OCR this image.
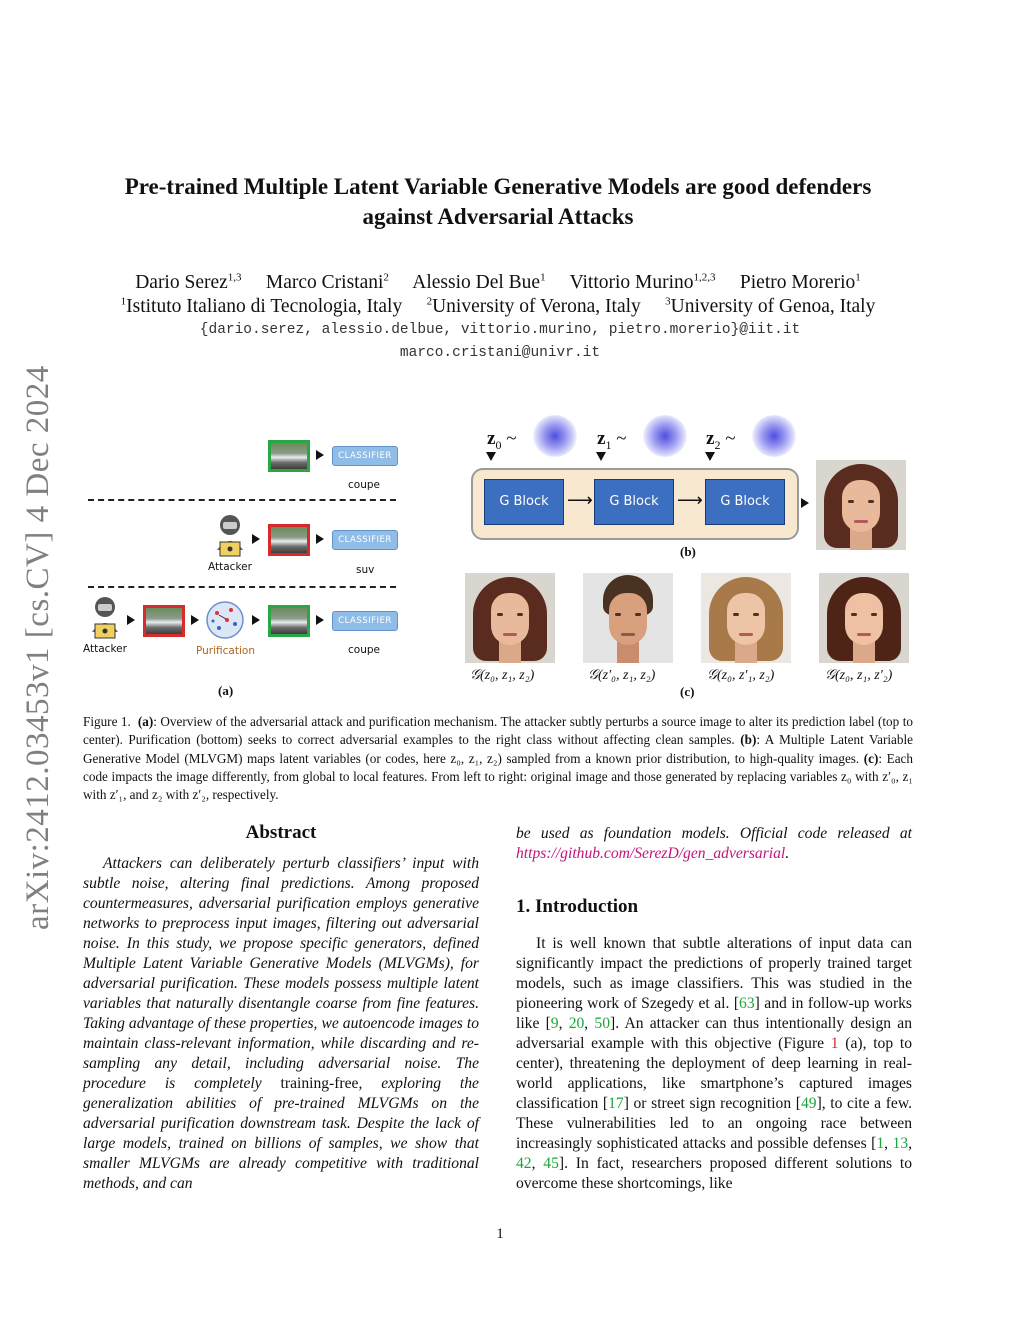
arXiv:2412.03453v1 [cs.CV] 4 Dec 2024
Pre-trained Multiple Latent Variable Generative Models are good defenders against Adversarial Attacks
Dario Serez$^{1,3}$ Marco Cristani$^2$ Alessio Del Bue$^1$ Vittorio Murino$^{1,2,3}$ Pietro Morerio$^1$
$^1$Istituto Italiano di Tecnologia, Italy $^2$University of Verona, Italy $^3$University of Genoa, Italy
{dario.serez, alessio.delbue, vittorio.murino, pietro.morerio}@iit.it
marco.cristani@univr.it
CLASSIFIER
coupe
CLASSIFIER
Attacker	suv
CLASSIFIER
Attacker	Purification	coupe
(a)
$z_0$ ~	$z_1$ ~	$z_2$ ~
G Block	⟶	G Block	⟶	G Block
(b)
𝒢(z₀, z₁, z₂)	𝒢(z′₀, z₁, z₂)	𝒢(z₀, z′₁, z₂)	𝒢(z₀, z₁, z′₂)
(c)
Figure 1. (a): Overview of the adversarial attack and purification mechanism. The attacker subtly perturbs a source image to alter its prediction label (top to center). Purification (bottom) seeks to correct adversarial examples to the right class without affecting clean samples. (b): A Multiple Latent Variable Generative Model (MLVGM) maps latent variables (or codes, here z₀, z₁, z₂) sampled from a known prior distribution, to high-quality images. (c): Each code impacts the image differently, from global to local features. From left to right: original image and those generated by replacing variables z₀ with z′₀, z₁ with z′₁, and z₂ with z′₂, respectively.
Abstract
Attackers can deliberately perturb classifiers’ input with subtle noise, altering final predictions. Among proposed countermeasures, adversarial purification employs generative networks to preprocess input images, filtering out adversarial noise. In this study, we propose specific generators, defined Multiple Latent Variable Generative Models (MLVGMs), for adversarial purification. These models possess multiple latent variables that naturally disentangle coarse from fine features. Taking advantage of these properties, we autoencode images to maintain class-relevant information, while discarding and re-sampling any detail, including adversarial noise. The procedure is completely training-free, exploring the generalization abilities of pre-trained MLVGMs on the adversarial purification downstream task. Despite the lack of large models, trained on billions of samples, we show that smaller MLVGMs are already competitive with traditional methods, and can
be used as foundation models. Official code released at https://github.com/SerezD/gen_adversarial.
1. Introduction
It is well known that subtle alterations of input data can significantly impact the predictions of properly trained target models, such as image classifiers. This was studied in the pioneering work of Szegedy et al. [63] and in follow-up works like [9, 20, 50]. An attacker can thus intentionally design an adversarial example with this objective (Figure 1 (a), top to center), threatening the deployment of deep learning in real-world applications, like smartphone’s captured images classification [17] or street sign recognition [49], to cite a few. These vulnerabilities led to an ongoing race between increasingly sophisticated attacks and possible defenses [1, 13, 42, 45]. In fact, researchers proposed different solutions to overcome these shortcomings, like
1
